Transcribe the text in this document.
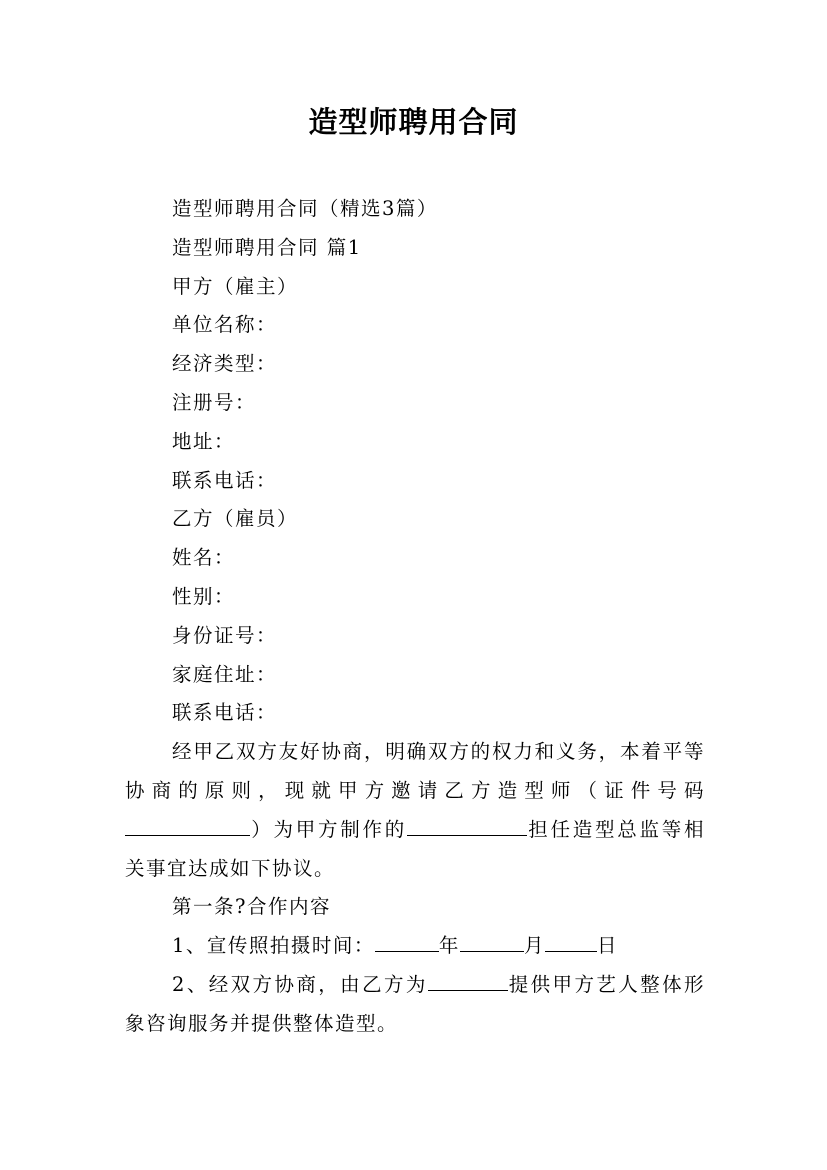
造型师聘用合同

造型师聘用合同（精选3篇）

造型师聘用合同 篇1

甲方（雇主）

单位名称：

经济类型：

注册号：

地址：

联系电话：

乙方（雇员）

姓名：

性别：

身份证号：

家庭住址：

联系电话：

经甲乙双方友好协商，明确双方的权力和义务，本着平等协商的原则，现就甲方邀请乙方造型师（证件号码）为甲方制作的	担任造型总监等相关事宜达成如下协议。

第一条?合作内容

1、宣传照拍摄时间：	年	月	日

2、经双方协商，由乙方为	提供甲方艺人整体形象咨询服务并提供整体造型。
